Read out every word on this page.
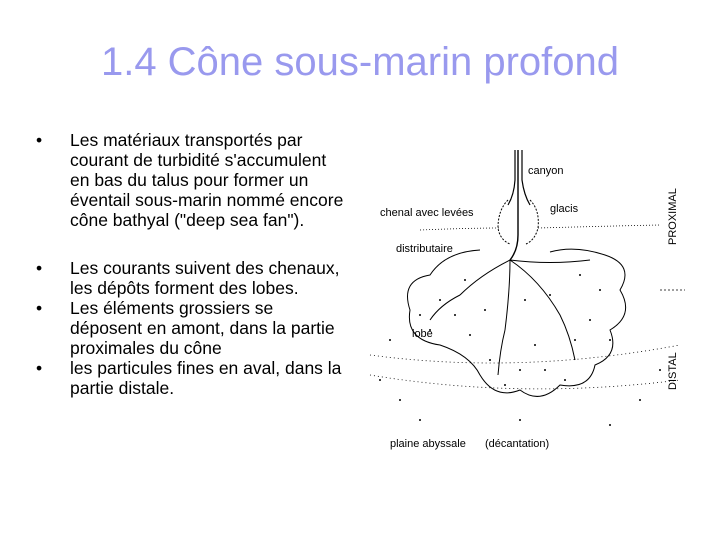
1.4 Cône sous-marin profond
• Les matériaux transportés par courant de turbidité s'accumulent en bas du talus pour former un éventail sous-marin nommé encore cône bathyal ("deep sea fan").
• Les courants suivent des chenaux, les dépôts forment des lobes.
• Les éléments grossiers se déposent en amont, dans la partie proximales du cône
• les particules fines en aval, dans la partie distale.
canyon
chenal avec levées	glacis
distributaire
lobe
plaine abyssale (décantation)
PROXIMAL
DISTAL
